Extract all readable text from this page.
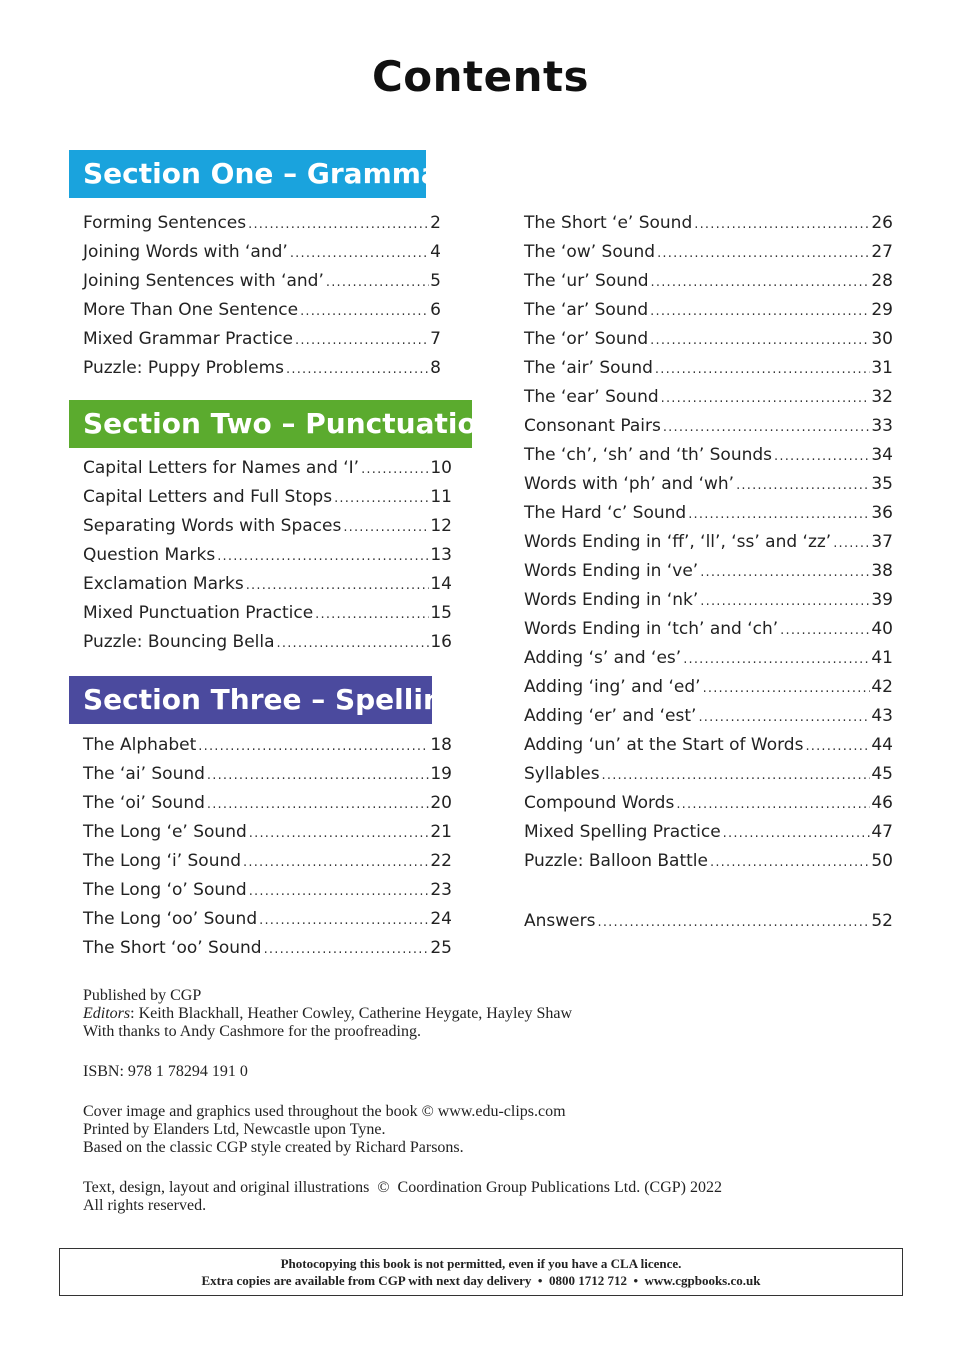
Contents
Section One – Grammar
Forming Sentences .....	2
Joining Words with ‘and’ .....	4
Joining Sentences with ‘and’ .....	5
More Than One Sentence .....	6
Mixed Grammar Practice .....	7
Puzzle: Puppy Problems .....	8
Section Two – Punctuation
Capital Letters for Names and ‘I’ .....	10
Capital Letters and Full Stops .....	11
Separating Words with Spaces .....	12
Question Marks .....	13
Exclamation Marks .....	14
Mixed Punctuation Practice .....	15
Puzzle: Bouncing Bella .....	16
Section Three – Spelling
The Alphabet .....	18
The ‘ai’ Sound .....	19
The ‘oi’ Sound .....	20
The Long ‘e’ Sound .....	21
The Long ‘i’ Sound .....	22
The Long ‘o’ Sound .....	23
The Long ‘oo’ Sound .....	24
The Short ‘oo’ Sound .....	25
The Short ‘e’ Sound .....	26
The ‘ow’ Sound .....	27
The ‘ur’ Sound .....	28
The ‘ar’ Sound .....	29
The ‘or’ Sound .....	30
The ‘air’ Sound .....	31
The ‘ear’ Sound .....	32
Consonant Pairs .....	33
The ‘ch’, ‘sh’ and ‘th’ Sounds .....	34
Words with ‘ph’ and ‘wh’ .....	35
The Hard ‘c’ Sound .....	36
Words Ending in ‘ff’, ‘ll’, ‘ss’ and ‘zz’ ..... 37
Words Ending in ‘ve’ .....	38
Words Ending in ‘nk’ .....	39
Words Ending in ‘tch’ and ‘ch’ .....	40
Adding ‘s’ and ‘es’ .....	41
Adding ‘ing’ and ‘ed’ .....	42
Adding ‘er’ and ‘est’ .....	43
Adding ‘un’ at the Start of Words .....	44
Syllables .....	45
Compound Words .....	46
Mixed Spelling Practice .....	47
Puzzle: Balloon Battle .....	50
Answers .....	52

Published by CGP

Editors: Keith Blackhall, Heather Cowley, Catherine Heygate, Hayley Shaw

With thanks to Andy Cashmore for the proofreading.

ISBN: 978 1 78294 191 0

Cover image and graphics used throughout the book © www.edu-clips.com

Printed by Elanders Ltd, Newcastle upon Tyne.

Based on the classic CGP style created by Richard Parsons.

Text, design, layout and original illustrations  ©  Coordination Group Publications Ltd. (CGP) 2022

All rights reserved.

Photocopying this book is not permitted, even if you have a CLA licence.
Extra copies are available from CGP with next day delivery  •  0800 1712 712  •  www.cgpbooks.co.uk
